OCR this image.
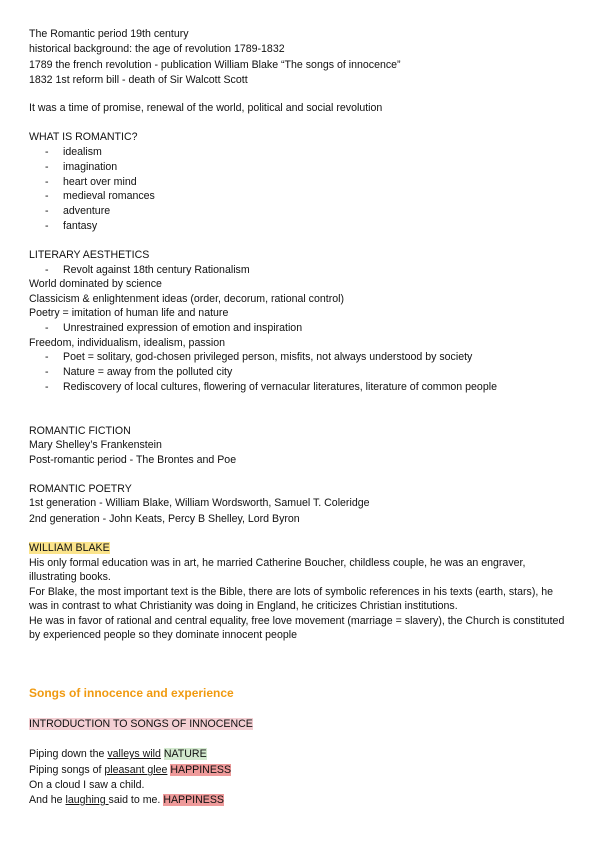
The Romantic period 19th century
historical background: the age of revolution 1789-1832
1789 the french revolution - publication William Blake “The songs of innocence”
1832 1st reform bill - death of Sir Walcott Scott
It was a time of promise, renewal of the world, political and social revolution
WHAT IS ROMANTIC?
- idealism
- imagination
- heart over mind
- medieval romances
- adventure
- fantasy
LITERARY AESTHETICS
- Revolt against 18th century Rationalism
World dominated by science
Classicism & enlightenment ideas (order, decorum, rational control)
Poetry = imitation of human life and nature
- Unrestrained expression of emotion and inspiration
Freedom, individualism, idealism, passion
- Poet = solitary, god-chosen privileged person, misfits, not always understood by society
- Nature = away from the polluted city
- Rediscovery of local cultures, flowering of vernacular literatures, literature of common people
ROMANTIC FICTION
Mary Shelley’s Frankenstein
Post-romantic period - The Brontes and Poe
ROMANTIC POETRY
1st generation - William Blake, William Wordsworth, Samuel T. Coleridge
2nd generation - John Keats, Percy B Shelley, Lord Byron
WILLIAM BLAKE
His only formal education was in art, he married Catherine Boucher, childless couple, he was an engraver, illustrating books.
For Blake, the most important text is the Bible, there are lots of symbolic references in his texts (earth, stars), he was in contrast to what Christianity was doing in England, he criticizes Christian institutions.
He was in favor of rational and central equality, free love movement (marriage = slavery), the Church is constituted by experienced people so they dominate innocent people
Songs of innocence and experience
INTRODUCTION TO SONGS OF INNOCENCE
Piping down the valleys wild NATURE
Piping songs of pleasant glee HAPPINESS
On a cloud I saw a child.
And he laughing said to me. HAPPINESS
